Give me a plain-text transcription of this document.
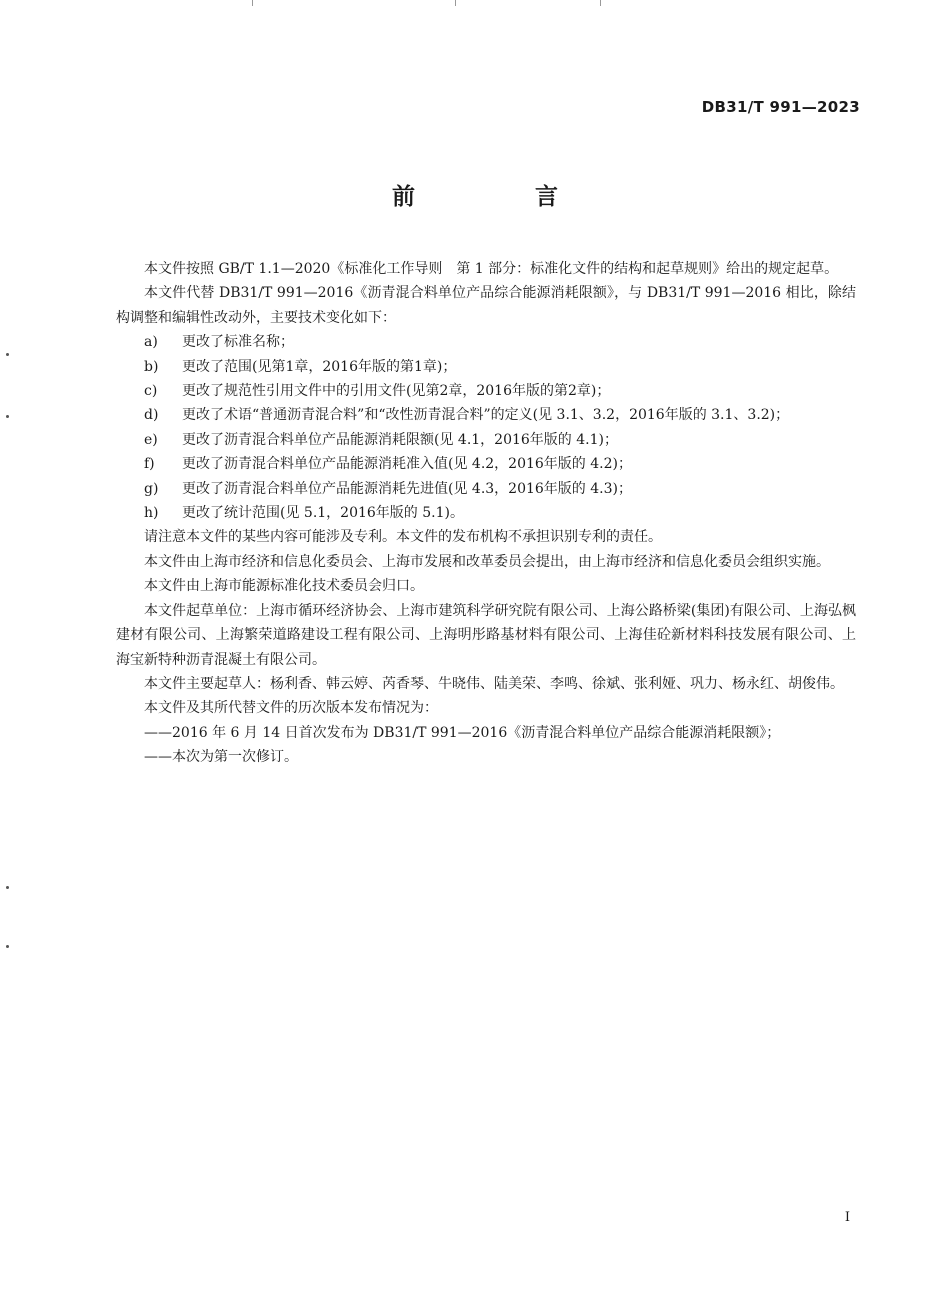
DB31/T 991—2023
前 言

本文件按照 GB/T 1.1—2020《标准化工作导则　第 1 部分：标准化文件的结构和起草规则》给出的规定起草。

本文件代替 DB31/T 991—2016《沥青混合料单位产品综合能源消耗限额》，与 DB31/T 991—2016 相比，除结构调整和编辑性改动外，主要技术变化如下：

a) 更改了标准名称；

b) 更改了范围(见第1章，2016年版的第1章)；

c) 更改了规范性引用文件中的引用文件(见第2章，2016年版的第2章)；

d) 更改了术语“普通沥青混合料”和“改性沥青混合料”的定义(见 3.1、3.2，2016年版的 3.1、3.2)；

e) 更改了沥青混合料单位产品能源消耗限额(见 4.1，2016年版的 4.1)；

f) 更改了沥青混合料单位产品能源消耗准入值(见 4.2，2016年版的 4.2)；

g) 更改了沥青混合料单位产品能源消耗先进值(见 4.3，2016年版的 4.3)；

h) 更改了统计范围(见 5.1，2016年版的 5.1)。

请注意本文件的某些内容可能涉及专利。本文件的发布机构不承担识别专利的责任。

本文件由上海市经济和信息化委员会、上海市发展和改革委员会提出，由上海市经济和信息化委员会组织实施。

本文件由上海市能源标准化技术委员会归口。

本文件起草单位：上海市循环经济协会、上海市建筑科学研究院有限公司、上海公路桥梁(集团)有限公司、上海弘枫建材有限公司、上海繁荣道路建设工程有限公司、上海明彤路基材料有限公司、上海佳砼新材料科技发展有限公司、上海宝新特种沥青混凝土有限公司。

本文件主要起草人：杨利香、韩云婷、芮香琴、牛晓伟、陆美荣、李鸣、徐斌、张利娅、巩力、杨永红、胡俊伟。

本文件及其所代替文件的历次版本发布情况为：

——2016 年 6 月 14 日首次发布为 DB31/T 991—2016《沥青混合料单位产品综合能源消耗限额》；

——本次为第一次修订。

I
